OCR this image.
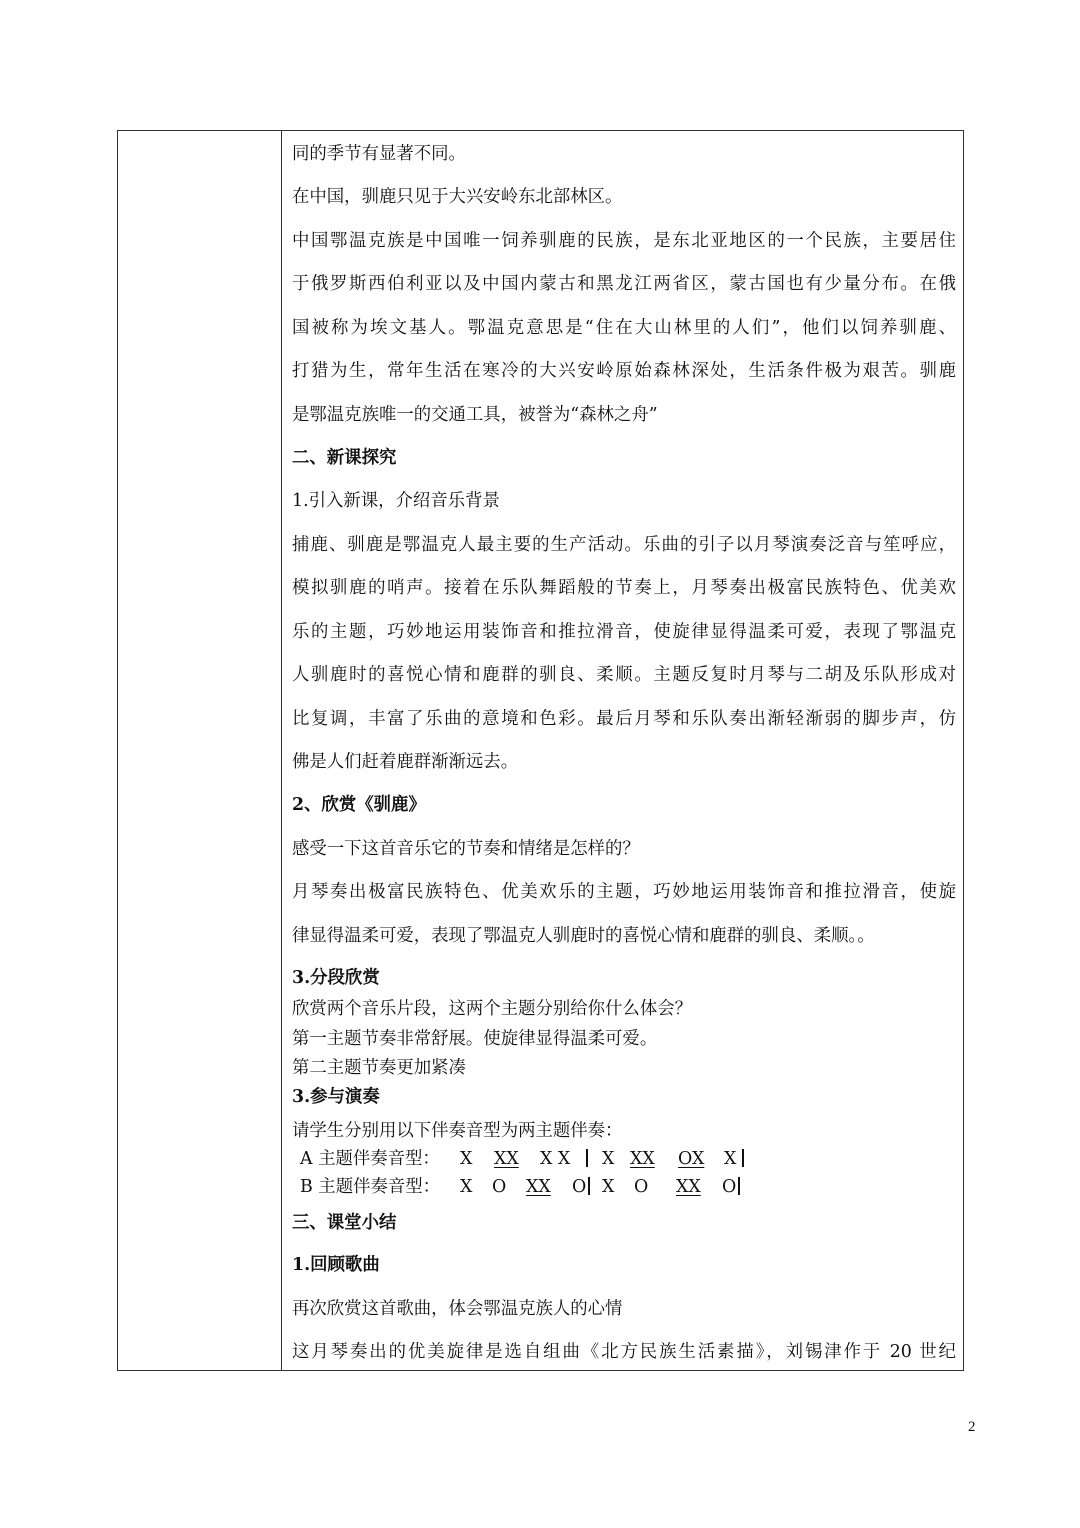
同的季节有显著不同。
在中国，驯鹿只见于大兴安岭东北部林区。
中国鄂温克族是中国唯一饲养驯鹿的民族，是东北亚地区的一个民族，主要居住
于俄罗斯西伯利亚以及中国内蒙古和黑龙江两省区，蒙古国也有少量分布。在俄
国被称为埃文基人。鄂温克意思是“住在大山林里的人们”，他们以饲养驯鹿、
打猎为生，常年生活在寒冷的大兴安岭原始森林深处，生活条件极为艰苦。驯鹿
是鄂温克族唯一的交通工具，被誉为“森林之舟”
二、新课探究
1.引入新课，介绍音乐背景
捕鹿、驯鹿是鄂温克人最主要的生产活动。乐曲的引子以月琴演奏泛音与笙呼应，
模拟驯鹿的哨声。接着在乐队舞蹈般的节奏上，月琴奏出极富民族特色、优美欢
乐的主题，巧妙地运用装饰音和推拉滑音，使旋律显得温柔可爱，表现了鄂温克
人驯鹿时的喜悦心情和鹿群的驯良、柔顺。主题反复时月琴与二胡及乐队形成对
比复调，丰富了乐曲的意境和色彩。最后月琴和乐队奏出渐轻渐弱的脚步声，仿
佛是人们赶着鹿群渐渐远去。
2、欣赏《驯鹿》
感受一下这首音乐它的节奏和情绪是怎样的？
月琴奏出极富民族特色、优美欢乐的主题，巧妙地运用装饰音和推拉滑音，使旋
律显得温柔可爱，表现了鄂温克人驯鹿时的喜悦心情和鹿群的驯良、柔顺。。
3.分段欣赏
欣赏两个音乐片段，这两个主题分别给你什么体会？
第一主题节奏非常舒展。使旋律显得温柔可爱。
第二主题节奏更加紧凑
3.参与演奏
请学生分别用以下伴奏音型为两主题伴奏：
A 主题伴奏音型： X XX X X X XX OX X
B 主题伴奏音型： X O XX O X O XX O
三、课堂小结
1.回顾歌曲
再次欣赏这首歌曲，体会鄂温克族人的心情
这月琴奏出的优美旋律是选自组曲《北方民族生活素描》，刘锡津作于 20 世纪
2
